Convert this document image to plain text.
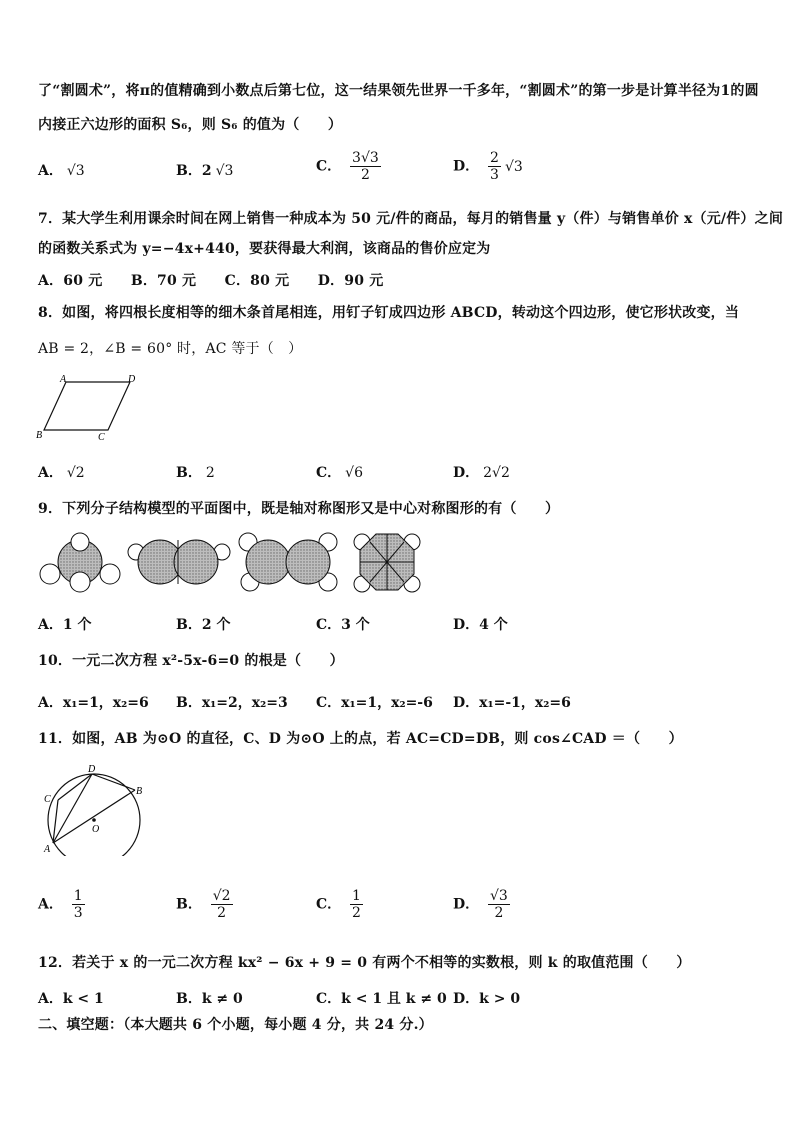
了“割圆术”，将π的值精确到小数点后第七位，这一结果领先世界一千多年，“割圆术”的第一步是计算半径为1的圆
内接正六边形的面积 S₆，则 S₆ 的值为（　　）
A． √3	B．2 √3	C． $\frac{3√3}{2}$	D． $\frac{2}{3} √3$
7．某大学生利用课余时间在网上销售一种成本为 50 元/件的商品，每月的销售量 y（件）与销售单价 x（元/件）之间
的函数关系式为 y=−4x+440，要获得最大利润，该商品的售价应定为
A．60 元　　B．70 元　　C．80 元　　D．90 元
8．如图，将四根长度相等的细木条首尾相连，用钉子钉成四边形 ABCD，转动这个四边形，使它形状改变，当
AB = 2，∠B = 60° 时，AC 等于（　）
A	D
B	C
A． √2	B． 2	C． √6	D． 2√2
9．下列分子结构模型的平面图中，既是轴对称图形又是中心对称图形的有（　　）
A．1 个	B．2 个	C．3 个	D．4 个
10．一元二次方程 x²-5x-6=0 的根是（　　）
A．x₁=1，x₂=6 B．x₁=2，x₂=3 C．x₁=1，x₂=-6 D．x₁=-1，x₂=6
11．如图，AB 为⊙O 的直径，C、D 为⊙O 上的点，若 AC=CD=DB，则 cos∠CAD ＝（　　）
D
B
C
A
O
A． $\frac{1}{3}$	B． $\frac{√2}{2}$	C． $\frac{1}{2}$	D． $\frac{√3}{2}$
12．若关于 x 的一元二次方程 kx² − 6x + 9 = 0 有两个不相等的实数根，则 k 的取值范围（　　）
A．k < 1	B．k ≠ 0	C．k < 1 且 k ≠ 0 D．k > 0
二、填空题：（本大题共 6 个小题，每小题 4 分，共 24 分.）
